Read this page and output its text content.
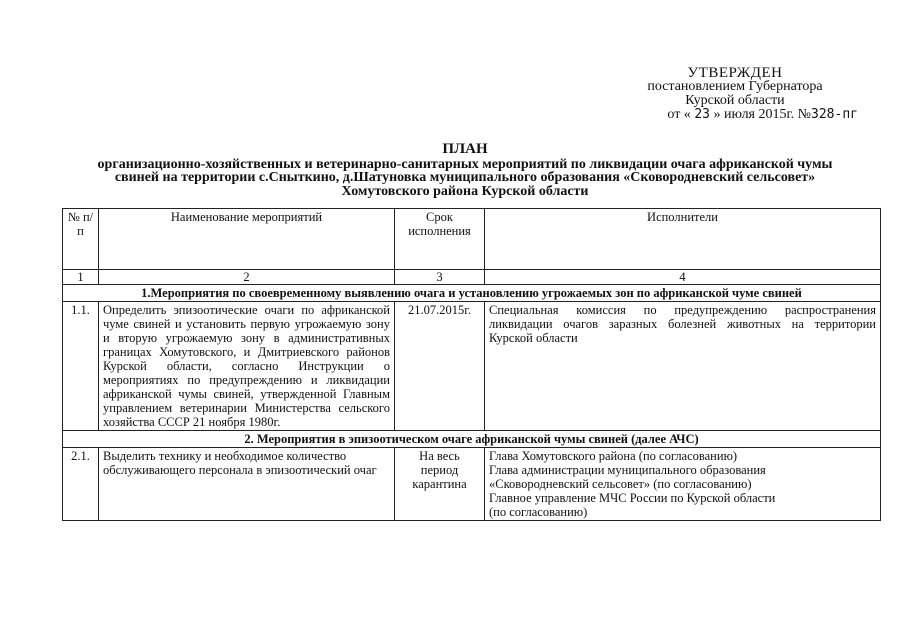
УТВЕРЖДЕН
постановлением Губернатора
Курской области
от « 23 » июля 2015г. №328-пг
ПЛАН
организационно-хозяйственных и ветеринарно-санитарных мероприятий по ликвидации очага африканской чумы
свиней на территории с.Сныткино, д.Шатуновка муниципального образования «Сковородневский сельсовет»
Хомутовского района Курской области
№ п/п	Наименование мероприятий	Срок исполнения	Исполнители
1	2	3	4
1.Мероприятия по своевременному выявлению очага и установлению угрожаемых зон по африканской чуме свиней			
1.1.	Определить эпизоотические очаги по африканской чуме свиней и установить первую угрожаемую зону и вторую угрожаемую зону в административных границах Хомутовского, и Дмитриевского районов Курской области, согласно Инструкции о мероприятиях по предупреждению и ликвидации африканской чумы свиней, утвержденной Главным управлением ветеринарии Министерства сельского хозяйства СССР 21 ноября 1980г.	21.07.2015г.	Специальная комиссия по предупреждению распространения ликвидации очагов заразных болезней животных на территории Курской области
2. Мероприятия в эпизоотическом очаге африканской чумы свиней (далее АЧС)			
2.1.	Выделить технику и необходимое количество обслуживающего персонала в эпизоотический очаг	На весь период карантина	Глава Хомутовского района (по согласованию)
Глава администрации муниципального образования
«Сковородневский сельсовет» (по согласованию)
Главное управление МЧС России по Курской области
(по согласованию)
